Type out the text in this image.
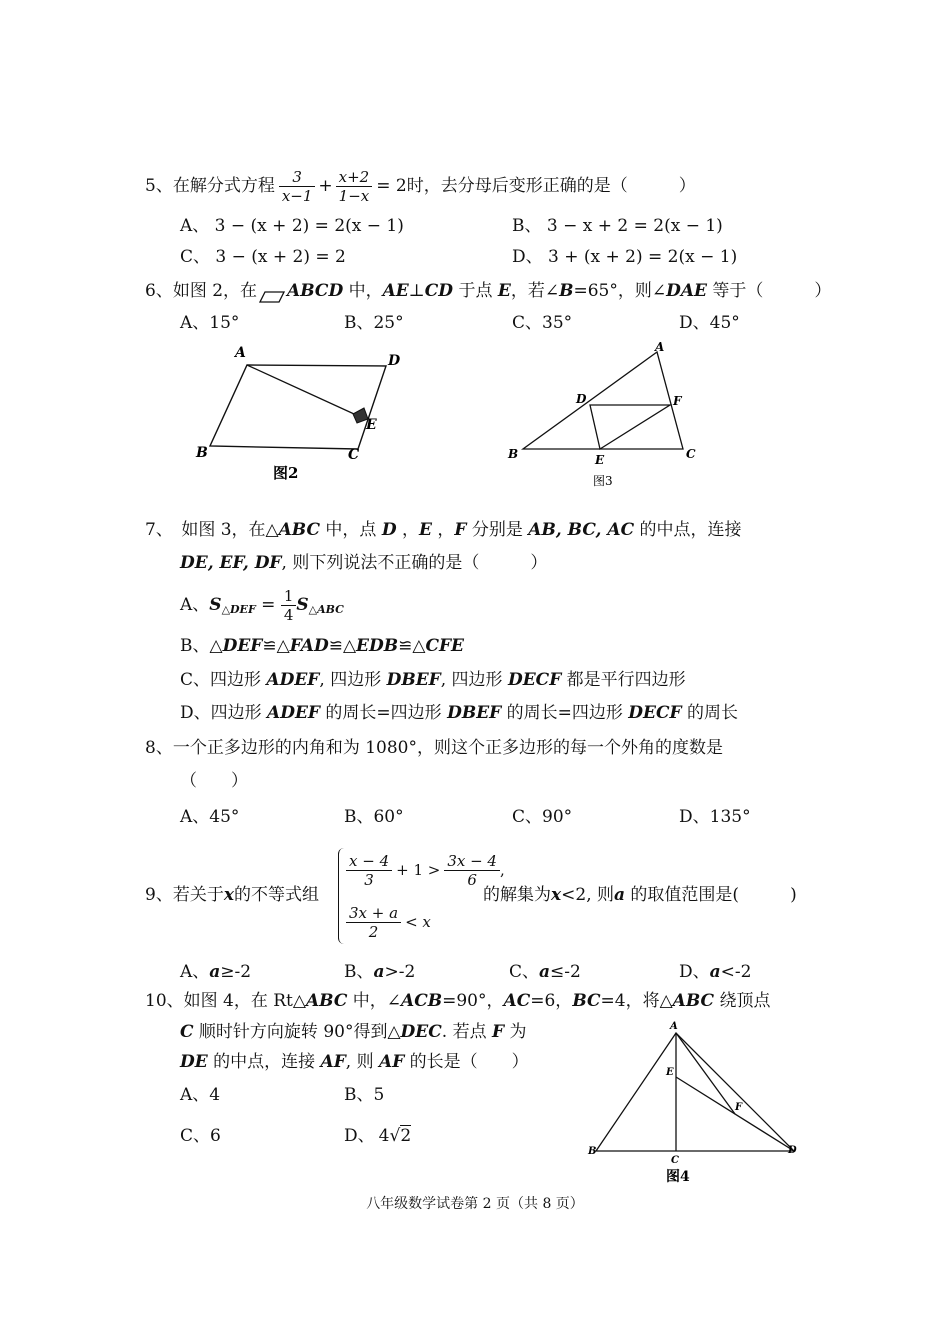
5、在解分式方程 $\frac{3}{x-1} + \frac{x+2}{1-x} = 2$ 时，去分母后变形正确的是（　　　）
A、 3 − (x + 2) = 2(x − 1)	B、 3 − x + 2 = 2(x − 1)
C、 3 − (x + 2) = 2	D、 3 + (x + 2) = 2(x − 1)
6、如图 2，在 ABCD 中，AE⊥CD 于点 E，若∠B=65°，则∠DAE 等于（　　　）
A、15°	B、25°	C、35°	D、45°
A	D
E
B	C
图2
A
D	F
B	E	C
图3
7、　如图 3，在△ABC 中，点 D ，E ，F 分别是 AB, BC, AC 的中点，连接
DE, EF, DF, 则下列说法不正确的是（　　　）
A、 S △DEF = $\frac{1}{4}$ S △ABC
B、△DEF≌△FAD≌△EDB≌△CFE
C、四边形 ADEF, 四边形 DBEF, 四边形 DECF 都是平行四边形
D、四边形 ADEF 的周长=四边形 DBEF 的周长=四边形 DECF 的周长
8、一个正多边形的内角和为 1080°，则这个正多边形的每一个外角的度数是
（　　）
A、45°	B、60°	C、90°	D、135°
9、若关于x的不等式组
$\frac{x - 4}{3} + 1 > \frac{3x - 4}{6}$ ,
$\frac{3x + a}{2} < x$
的解集为x<2, 则a 的取值范围是(　　　)
A、a≥-2	B、a>-2	C、a≤-2	D、a<-2
10、如图 4，在 Rt△ABC 中，∠ACB=90°，AC=6，BC=4，将△ABC 绕顶点
C 顺时针方向旋转 90°得到△DEC. 若点 F 为
DE 的中点，连接 AF, 则 AF 的长是（　　）
A、4	B、5
C、6	D、 4√2
A
E
F
B
C
D
图4
八年级数学试卷第 2 页（共 8 页）
